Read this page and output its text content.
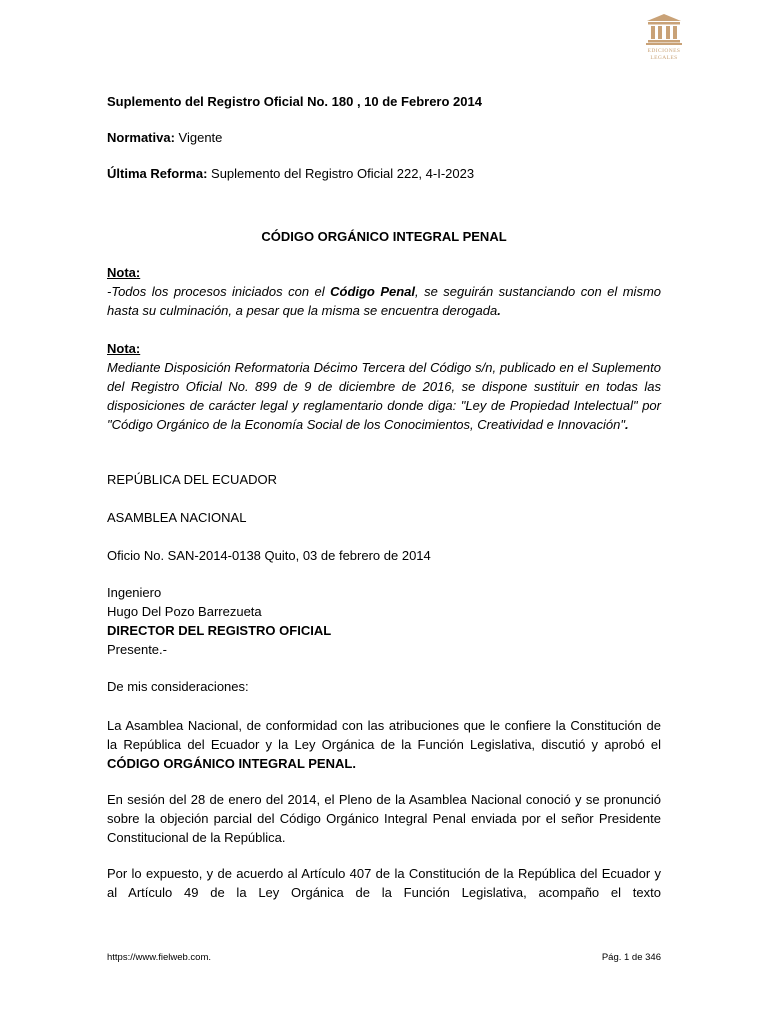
EDICIONES
LEGALES

Suplemento del Registro Oficial No. 180 , 10 de Febrero 2014

Normativa: Vigente

Última Reforma: Suplemento del Registro Oficial 222, 4-I-2023

CÓDIGO ORGÁNICO INTEGRAL PENAL

Nota:

-Todos los procesos iniciados con el Código Penal, se seguirán sustanciando con el mismo hasta su culminación, a pesar que la misma se encuentra derogada.

Nota:

Mediante Disposición Reformatoria Décimo Tercera del Código s/n, publicado en el Suplemento del Registro Oficial No. 899 de 9 de diciembre de 2016, se dispone sustituir en todas las disposiciones de carácter legal y reglamentario donde diga: "Ley de Propiedad Intelectual" por "Código Orgánico de la Economía Social de los Conocimientos, Creatividad e Innovación".

REPÚBLICA DEL ECUADOR

ASAMBLEA NACIONAL

Oficio No. SAN-2014-0138 Quito, 03 de febrero de 2014

Ingeniero

Hugo Del Pozo Barrezueta

DIRECTOR DEL REGISTRO OFICIAL

Presente.-

De mis consideraciones:

La Asamblea Nacional, de conformidad con las atribuciones que le confiere la Constitución de la República del Ecuador y la Ley Orgánica de la Función Legislativa, discutió y aprobó el CÓDIGO ORGÁNICO INTEGRAL PENAL.

En sesión del 28 de enero del 2014, el Pleno de la Asamblea Nacional conoció y se pronunció sobre la objeción parcial del Código Orgánico Integral Penal enviada por el señor Presidente Constitucional de la República.

Por lo expuesto, y de acuerdo al Artículo 407 de la Constitución de la República del Ecuador y al Artículo 49 de la Ley Orgánica de la Función Legislativa, acompaño el texto

https://www.fielweb.com.	Pág. 1 de 346
